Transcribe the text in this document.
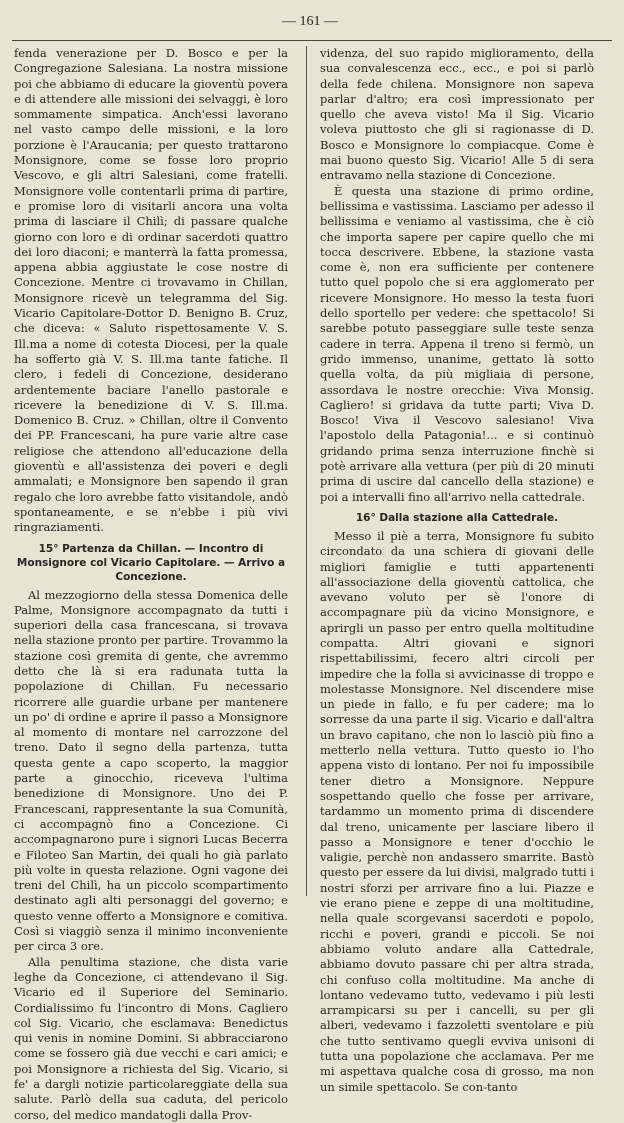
— 161 —

fenda venerazione per D. Bosco e per la Congregazione Salesiana. La nostra missione poi che abbiamo di educare la gioventù povera e di attendere alle missioni dei selvaggi, è loro sommamente simpatica. Anch'essi lavorano nel vasto campo delle missioni, e la loro porzione è l'Araucania; per questo trattarono Monsignore, come se fosse loro proprio Vescovo, e gli altri Salesiani, come fratelli. Monsignore volle contentarli prima di partire, e promise loro di visitarli ancora una volta prima di lasciare il Chilì; di passare qualche giorno con loro e di ordinar sacerdoti quattro dei loro diaconi; e manterrà la fatta promessa, appena abbia aggiustate le cose nostre di Concezione. Mentre ci trovavamo in Chillan, Monsignore ricevè un telegramma del Sig. Vicario Capitolare-Dottor D. Benigno B. Cruz, che diceva: « Saluto rispettosamente V. S. Ill.ma a nome di cotesta Diocesi, per la quale ha sofferto già V. S. Ill.ma tante fatiche. Il clero, i fedeli di Concezione, desiderano ardentemente baciare l'anello pastorale e ricevere la benedizione di V. S. Ill.ma. Domenico B. Cruz. » Chillan, oltre il Convento dei PP. Francescani, ha pure varie altre case religiose che attendono all'educazione della gioventù e all'assistenza dei poveri e degli ammalati; e Monsignore ben sapendo il gran regalo che loro avrebbe fatto visitandole, andò spontaneamente, e se n'ebbe i più vivi ringraziamenti.

15° Partenza da Chillan. — Incontro di Monsignore col Vicario Capitolare. — Arrivo a Concezione.

Al mezzogiorno della stessa Domenica delle Palme, Monsignore accompagnato da tutti i superiori della casa francescana, si trovava nella stazione pronto per partire. Trovammo la stazione così gremita di gente, che avremmo detto che là si era radunata tutta la popolazione di Chillan. Fu necessario ricorrere alle guardie urbane per mantenere un po' di ordine e aprire il passo a Monsignore al momento di montare nel carrozzone del treno. Dato il segno della partenza, tutta questa gente a capo scoperto, la maggior parte a ginocchio, riceveva l'ultima benedizione di Monsignore. Uno dei P. Francescani, rappresentante la sua Comunità, ci accompagnò fino a Concezione. Ci accompagnarono pure i signori Lucas Becerra e Filoteo San Martin, dei quali ho già parlato più volte in questa relazione. Ogni vagone dei treni del Chilì, ha un piccolo scompartimento destinato agli alti personaggi del governo; e questo venne offerto a Monsignore e comitiva. Così si viaggiò senza il minimo inconveniente per circa 3 ore.

Alla penultima stazione, che dista varie leghe da Concezione, ci attendevano il Sig. Vicario ed il Superiore del Seminario. Cordialissimo fu l'incontro di Mons. Cagliero col Sig. Vicario, che esclamava: Benedictus qui venis in nomine Domini. Si abbracciarono come se fossero già due vecchi e cari amici; e poi Monsignore a richiesta del Sig. Vicario, si fe' a dargli notizie particolareggiate della sua salute. Parlò della sua caduta, del pericolo corso, del medico mandatogli dalla Prov-

videnza, del suo rapido miglioramento, della sua convalescenza ecc., ecc., e poi si parlò della fede chilena. Monsignore non sapeva parlar d'altro; era così impressionato per quello che aveva visto! Ma il Sig. Vicario voleva piuttosto che gli si ragionasse di D. Bosco e Monsignore lo compiacque. Come è mai buono questo Sig. Vicario! Alle 5 di sera entravamo nella stazione di Concezione.

È questa una stazione di primo ordine, bellissima e vastissima. Lasciamo per adesso il bellissima e veniamo al vastissima, che è ciò che importa sapere per capire quello che mi tocca descrivere. Ebbene, la stazione vasta come è, non era sufficiente per contenere tutto quel popolo che si era agglomerato per ricevere Monsignore. Ho messo la testa fuori dello sportello per vedere: che spettacolo! Si sarebbe potuto passeggiare sulle teste senza cadere in terra. Appena il treno si fermò, un grido immenso, unanime, gettato là sotto quella volta, da più migliaia di persone, assordava le nostre orecchie: Viva Monsig. Cagliero! si gridava da tutte parti; Viva D. Bosco! Viva il Vescovo salesiano! Viva l'apostolo della Patagonia!... e si continuò gridando prima senza interruzione finchè si potè arrivare alla vettura (per più di 20 minuti prima di uscire dal cancello della stazione) e poi a intervalli fino all'arrivo nella cattedrale.

16° Dalla stazione alla Cattedrale.

Messo il piè a terra, Monsignore fu subito circondato da una schiera di giovani delle migliori famiglie e tutti appartenenti all'associazione della gioventù cattolica, che avevano voluto per sè l'onore di accompagnare più da vicino Monsignore, e aprirgli un passo per entro quella moltitudine compatta. Altri giovani e signori rispettabilissimi, fecero altri circoli per impedire che la folla si avvicinasse di troppo e molestasse Monsignore. Nel discendere mise un piede in fallo, e fu per cadere; ma lo sorresse da una parte il sig. Vicario e dall'altra un bravo capitano, che non lo lasciò più fino a metterlo nella vettura. Tutto questo io l'ho appena visto di lontano. Per noi fu impossibile tener dietro a Monsignore. Neppure sospettando quello che fosse per arrivare, tardammo un momento prima di discendere dal treno, unicamente per lasciare libero il passo a Monsignore e tener d'occhio le valigie, perchè non andassero smarrite. Bastò questo per essere da lui divisi, malgrado tutti i nostri sforzi per arrivare fino a lui. Piazze e vie erano piene e zeppe di una moltitudine, nella quale scorgevansi sacerdoti e popolo, ricchi e poveri, grandi e piccoli. Se noi abbiamo voluto andare alla Cattedrale, abbiamo dovuto passare chi per altra strada, chi confuso colla moltitudine. Ma anche di lontano vedevamo tutto, vedevamo i più lesti arrampicarsi su per i cancelli, su per gli alberi, vedevamo i fazzoletti sventolare e più che tutto sentivamo quegli evviva unisoni di tutta una popolazione che acclamava. Per me mi aspettava qualche cosa di grosso, ma non un simile spettacolo. Se con-tanto
